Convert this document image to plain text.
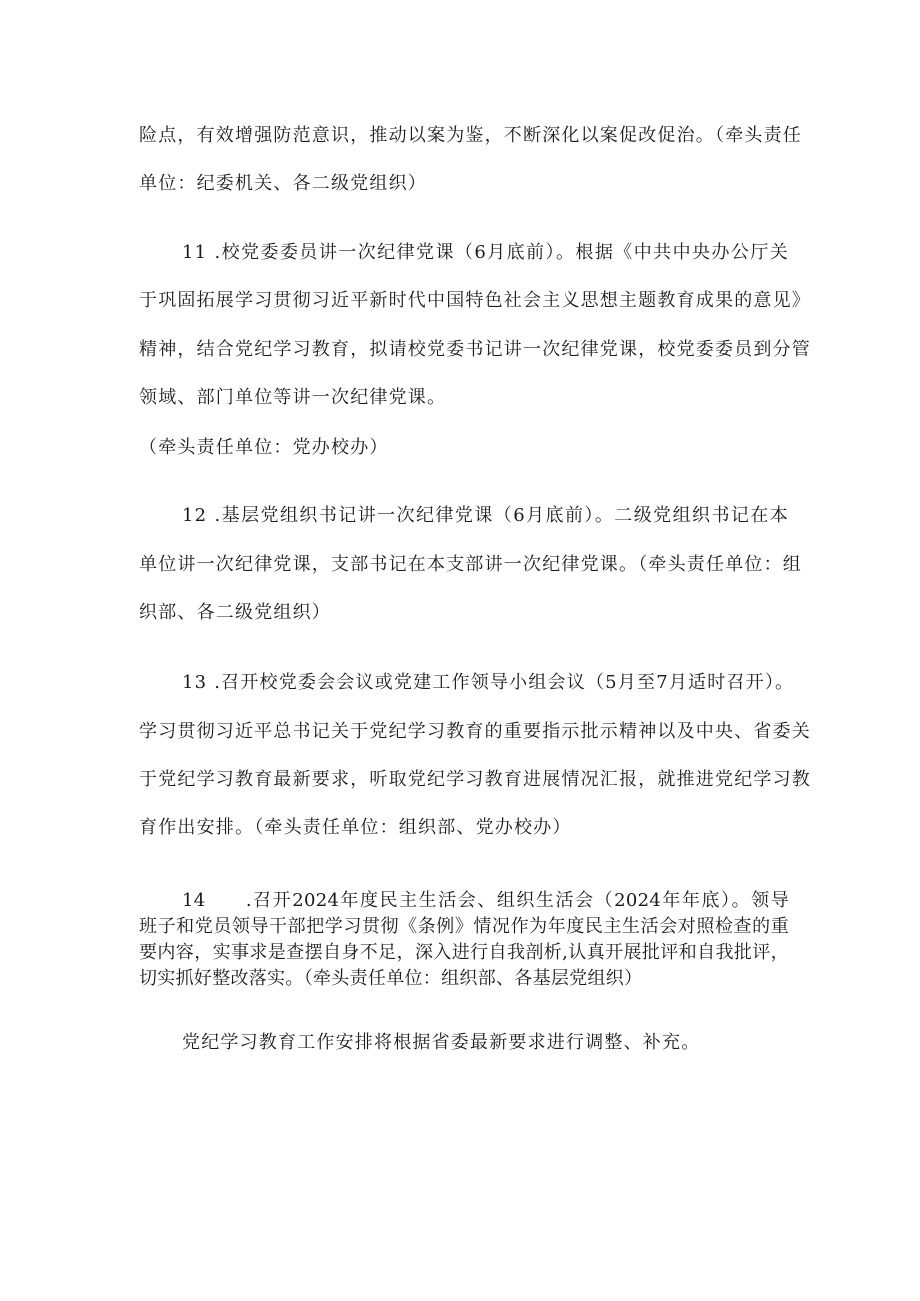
险点，有效增强防范意识，推动以案为鉴，不断深化以案促改促治。（牵头责任
单位：纪委机关、各二级党组织）
11 .校党委委员讲一次纪律党课（6月底前）。根据《中共中央办公厅关
于巩固拓展学习贯彻习近平新时代中国特色社会主义思想主题教育成果的意见》
精神，结合党纪学习教育，拟请校党委书记讲一次纪律党课，校党委委员到分管
领域、部门单位等讲一次纪律党课。
（牵头责任单位：党办校办）
12 .基层党组织书记讲一次纪律党课（6月底前）。二级党组织书记在本
单位讲一次纪律党课，支部书记在本支部讲一次纪律党课。（牵头责任单位：组
织部、各二级党组织）
13 .召开校党委会会议或党建工作领导小组会议（5月至7月适时召开）。
学习贯彻习近平总书记关于党纪学习教育的重要指示批示精神以及中央、省委关
于党纪学习教育最新要求，听取党纪学习教育进展情况汇报，就推进党纪学习教
育作出安排。（牵头责任单位：组织部、党办校办）
14　　.召开2024年度民主生活会、组织生活会（2024年年底）。领导
班子和党员领导干部把学习贯彻《条例》情况作为年度民主生活会对照检查的重
要内容，实事求是查摆自身不足，深入进行自我剖析,认真开展批评和自我批评，
切实抓好整改落实。（牵头责任单位：组织部、各基层党组织）
党纪学习教育工作安排将根据省委最新要求进行调整、补充。
